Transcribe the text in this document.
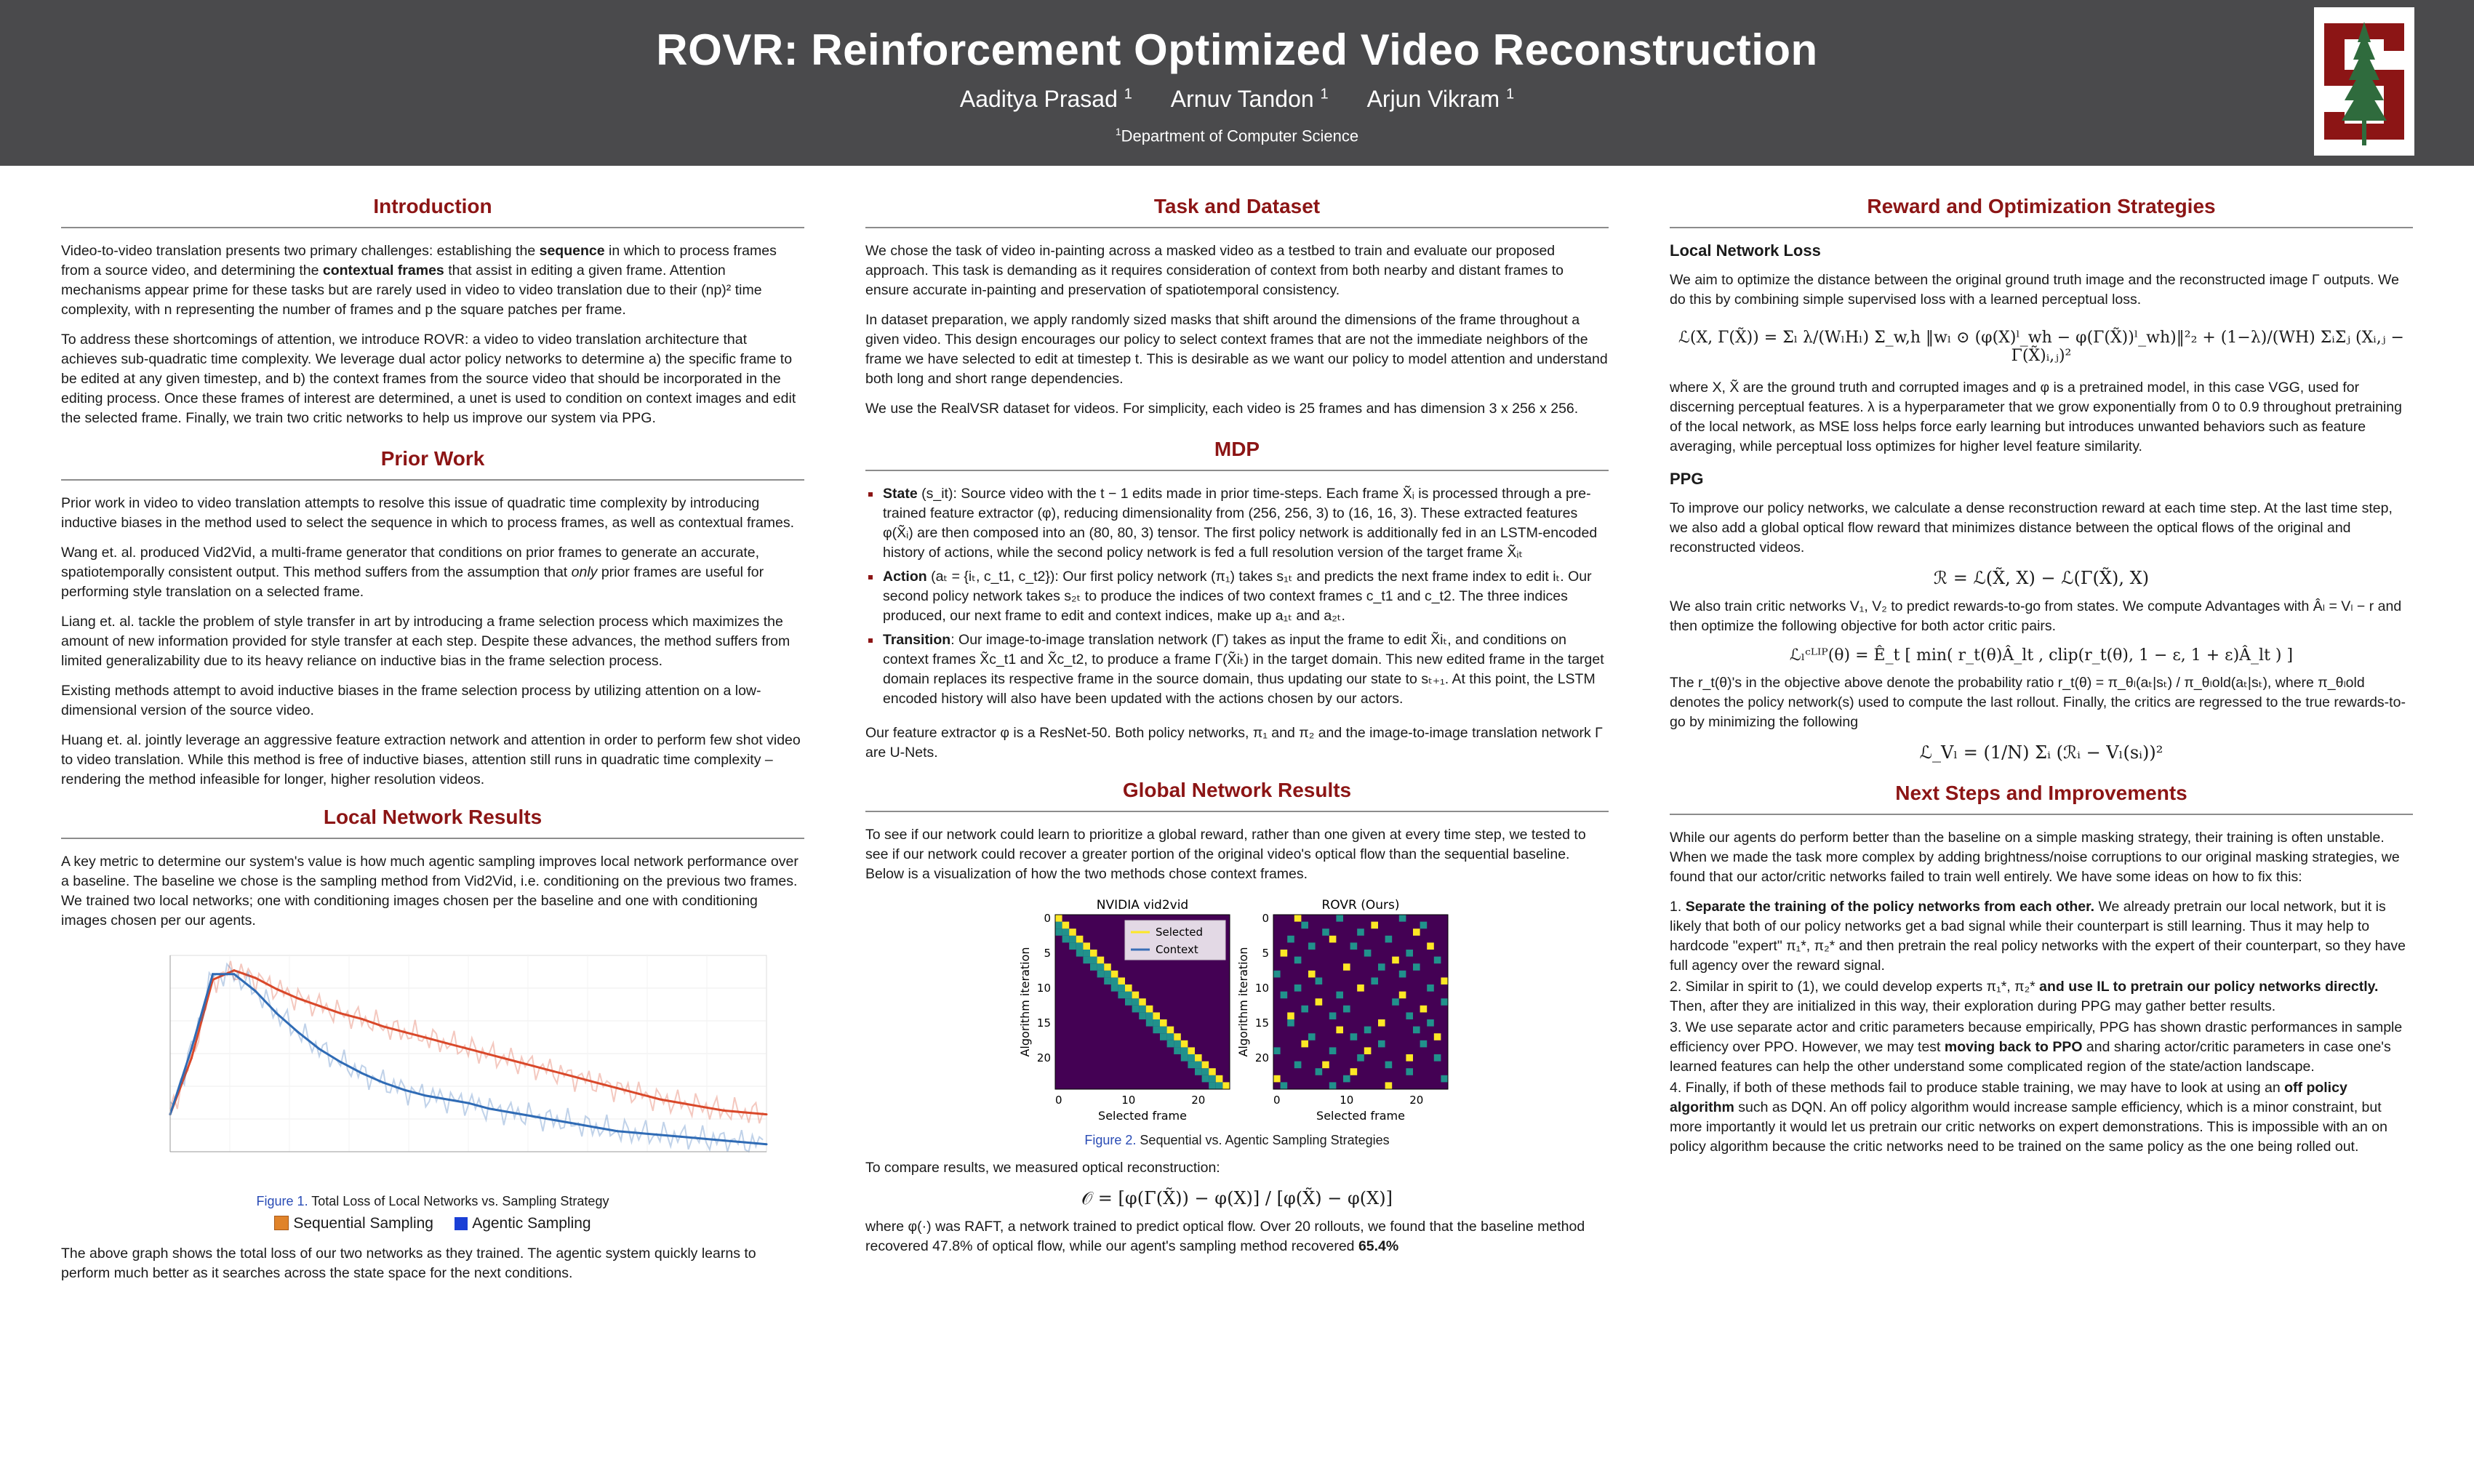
ROVR: Reinforcement Optimized Video Reconstruction
Aaditya Prasad $^1$ Arnuv Tandon $^1$ Arjun Vikram $^1$
$^1$Department of Computer Science
Introduction

Video-to-video translation presents two primary challenges: establishing the sequence in which to process frames from a source video, and determining the contextual frames that assist in editing a given frame. Attention mechanisms appear prime for these tasks but are rarely used in video to video translation due to their (np)² time complexity, with n representing the number of frames and p the square patches per frame.

To address these shortcomings of attention, we introduce ROVR: a video to video translation architecture that achieves sub-quadratic time complexity. We leverage dual actor policy networks to determine a) the specific frame to be edited at any given timestep, and b) the context frames from the source video that should be incorporated in the editing process. Once these frames of interest are determined, a unet is used to condition on context images and edit the selected frame. Finally, we train two critic networks to help us improve our system via PPG.

Prior Work

Prior work in video to video translation attempts to resolve this issue of quadratic time complexity by introducing inductive biases in the method used to select the sequence in which to process frames, as well as contextual frames.

Wang et. al. produced Vid2Vid, a multi-frame generator that conditions on prior frames to generate an accurate, spatiotemporally consistent output. This method suffers from the assumption that only prior frames are useful for performing style translation on a selected frame.

Liang et. al. tackle the problem of style transfer in art by introducing a frame selection process which maximizes the amount of new information provided for style transfer at each step. Despite these advances, the method suffers from limited generalizability due to its heavy reliance on inductive bias in the frame selection process.

Existing methods attempt to avoid inductive biases in the frame selection process by utilizing attention on a low-dimensional version of the source video.

Huang et. al. jointly leverage an aggressive feature extraction network and attention in order to perform few shot video to video translation. While this method is free of inductive biases, attention still runs in quadratic time complexity – rendering the method infeasible for longer, higher resolution videos.

Local Network Results

A key metric to determine our system's value is how much agentic sampling improves local network performance over a baseline. The baseline we chose is the sampling method from Vid2Vid, i.e. conditioning on the previous two frames. We trained two local networks; one with conditioning images chosen per the baseline and one with conditioning images chosen per our agents.

Figure 1. Total Loss of Local Networks vs. Sampling Strategy
Sequential Sampling	Agentic Sampling

The above graph shows the total loss of our two networks as they trained. The agentic system quickly learns to perform much better as it searches across the state space for the next conditions.

Task and Dataset

We chose the task of video in-painting across a masked video as a testbed to train and evaluate our proposed approach. This task is demanding as it requires consideration of context from both nearby and distant frames to ensure accurate in-painting and preservation of spatiotemporal consistency.

In dataset preparation, we apply randomly sized masks that shift around the dimensions of the frame throughout a given video. This design encourages our policy to select context frames that are not the immediate neighbors of the frame we have selected to edit at timestep t. This is desirable as we want our policy to model attention and understand both long and short range dependencies.

We use the RealVSR dataset for videos. For simplicity, each video is 25 frames and has dimension 3 x 256 x 256.

MDP
State (s_it): Source video with the t − 1 edits made in prior time-steps. Each frame X̃ᵢ is processed through a pre-trained feature extractor (φ), reducing dimensionality from (256, 256, 3) to (16, 16, 3). These extracted features φ(X̃ᵢ) are then composed into an (80, 80, 3) tensor. The first policy network is additionally fed in an LSTM-encoded history of actions, while the second policy network is fed a full resolution version of the target frame X̃ᵢₜ
Action (aₜ = {iₜ, c_t1, c_t2}): Our first policy network (π₁) takes s₁ₜ and predicts the next frame index to edit iₜ. Our second policy network takes s₂ₜ to produce the indices of two context frames c_t1 and c_t2. The three indices produced, our next frame to edit and context indices, make up a₁ₜ and a₂ₜ.
Transition: Our image-to-image translation network (Γ) takes as input the frame to edit X̃iₜ, and conditions on context frames X̃c_t1 and X̃c_t2, to produce a frame Γ(X̃iₜ) in the target domain. This new edited frame in the target domain replaces its respective frame in the source domain, thus updating our state to sₜ₊₁. At this point, the LSTM encoded history will also have been updated with the actions chosen by our actors.

Our feature extractor φ is a ResNet-50. Both policy networks, π₁ and π₂ and the image-to-image translation network Γ are U-Nets.

Global Network Results

To see if our network could learn to prioritize a global reward, rather than one given at every time step, we tested to see if our network could recover a greater portion of the original video's optical flow than the sequential baseline. Below is a visualization of how the two methods chose context frames.

NVIDIA vid2vid
0	10	20
0
5
10
15
20
Selected frame
Algorithm iteration
Selected
Context
ROVR (Ours)
0	10	20
0
5
10
15
20
Selected frame
Algorithm iteration
Figure 2. Sequential vs. Agentic Sampling Strategies

To compare results, we measured optical reconstruction:

𝒪 = [φ(Γ(X̃)) − φ(X)] / [φ(X̃) − φ(X)]

where φ(·) was RAFT, a network trained to predict optical flow. Over 20 rollouts, we found that the baseline method recovered 47.8% of optical flow, while our agent's sampling method recovered 65.4%

Reward and Optimization Strategies
Local Network Loss

We aim to optimize the distance between the original ground truth image and the reconstructed image Γ outputs. We do this by combining simple supervised loss with a learned perceptual loss.

ℒ(X, Γ(X̃)) = Σₗ λ/(WₗHₗ) Σ_w,h ‖wₗ ⊙ (φ(X)ˡ_wh − φ(Γ(X̃))ˡ_wh)‖²₂ + (1−λ)/(WH) ΣᵢΣⱼ (Xᵢ,ⱼ − Γ(X̃)ᵢ,ⱼ)²

where X, X̃ are the ground truth and corrupted images and φ is a pretrained model, in this case VGG, used for discerning perceptual features. λ is a hyperparameter that we grow exponentially from 0 to 0.9 throughout pretraining of the local network, as MSE loss helps force early learning but introduces unwanted behaviors such as feature averaging, while perceptual loss optimizes for higher level feature similarity.

PPG

To improve our policy networks, we calculate a dense reconstruction reward at each time step. At the last time step, we also add a global optical flow reward that minimizes distance between the optical flows of the original and reconstructed videos.

ℛ = ℒ(X̃, X) − ℒ(Γ(X̃), X)

We also train critic networks V₁, V₂ to predict rewards-to-go from states. We compute Advantages with Âₗ = Vₗ − r and then optimize the following objective for both actor critic pairs.

ℒₗᶜᴸᴵᴾ(θ) = Ê_t [ min( r_t(θ)Â_lt , clip(r_t(θ), 1 − ε, 1 + ε)Â_lt ) ]

The r_t(θ)'s in the objective above denote the probability ratio r_t(θ) = π_θₗ(aₜ|sₜ) / π_θₗold(aₜ|sₜ), where π_θₗold denotes the policy network(s) used to compute the last rollout. Finally, the critics are regressed to the true rewards-to-go by minimizing the following

ℒ_Vₗ = (1/N) Σᵢ (ℛᵢ − Vₗ(sᵢ))²
Next Steps and Improvements

While our agents do perform better than the baseline on a simple masking strategy, their training is often unstable. When we made the task more complex by adding brightness/noise corruptions to our original masking strategies, we found that our actor/critic networks failed to train well entirely. We have some ideas on how to fix this:

1. Separate the training of the policy networks from each other. We already pretrain our local network, but it is likely that both of our policy networks get a bad signal while their counterpart is still learning. Thus it may help to hardcode "expert" π₁*, π₂* and then pretrain the real policy networks with the expert of their counterpart, so they have full agency over the reward signal.

2. Similar in spirit to (1), we could develop experts π₁*, π₂* and use IL to pretrain our policy networks directly. Then, after they are initialized in this way, their exploration during PPG may gather better results.

3. We use separate actor and critic parameters because empirically, PPG has shown drastic performances in sample efficiency over PPO. However, we may test moving back to PPO and sharing actor/critic parameters in case one's learned features can help the other understand some complicated region of the state/action landscape.

4. Finally, if both of these methods fail to produce stable training, we may have to look at using an off policy algorithm such as DQN. An off policy algorithm would increase sample efficiency, which is a minor constraint, but more importantly it would let us pretrain our critic networks on expert demonstrations. This is impossible with an on policy algorithm because the critic networks need to be trained on the same policy as the one being rolled out.
